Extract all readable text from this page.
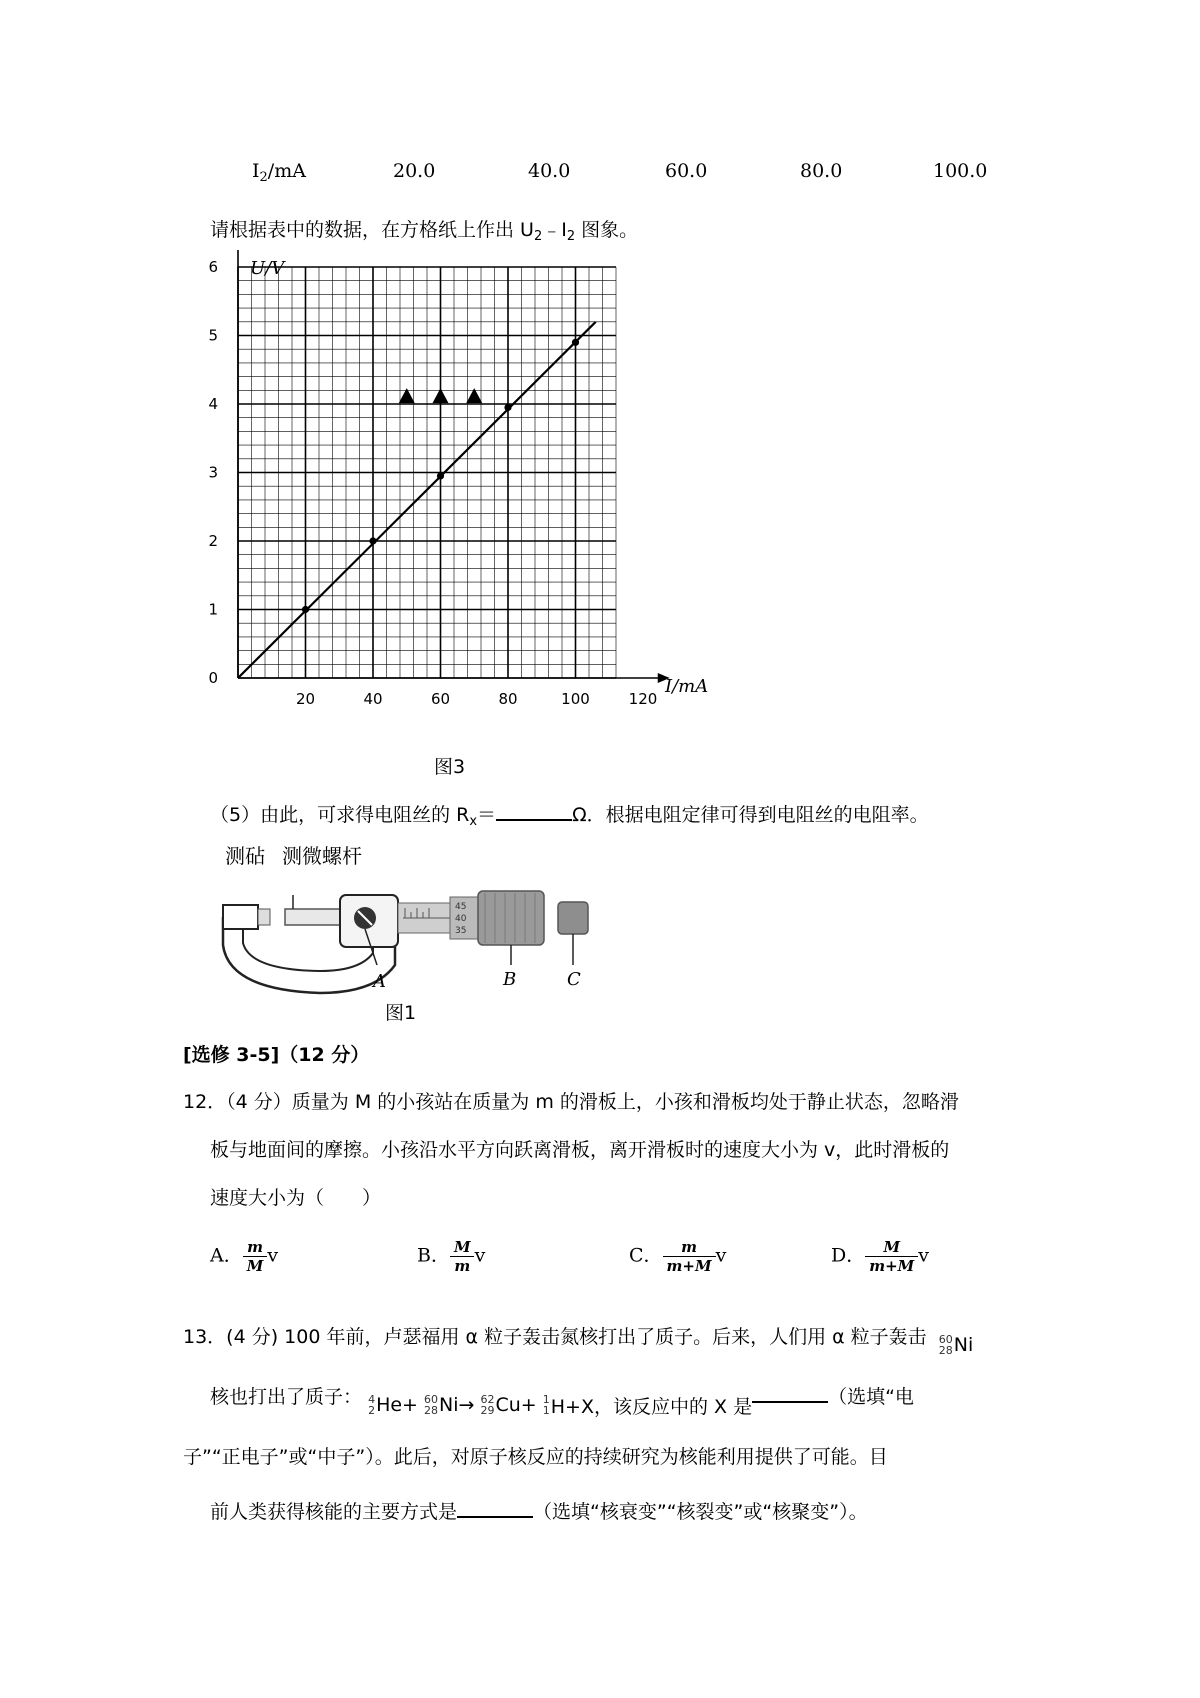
$I_2/mA$	20.0	40.0	60.0	80.0	100.0
请根据表中的数据，在方格纸上作出 $U_2﹣I_2$ 图象。
20	40	60	80	100	120
0
1
2
3
4
5
6
I/mA
U/V
图3
（5）由此，可求得电阻丝的 $R_x=$	Ω．根据电阻定律可得到电阻丝的电阻率。
测砧 测微螺杆
45
40
35
A	B	C
图1
[选修 3-5]（12 分）
12．（4 分）质量为 M 的小孩站在质量为 m 的滑板上，小孩和滑板均处于静止状态，忽略滑
板与地面间的摩擦。小孩沿水平方向跃离滑板，离开滑板时的速度大小为 v，此时滑板的
速度大小为（　　）
A． $\frac{m}{M}$ v	B． $\frac{M}{m}$ v	C． $\frac{m}{m+M}$ v	D． $\frac{M}{m+M}$ v
13．(4 分) 100 年前，卢瑟福用 α 粒子轰击氮核打出了质子。后来，人们用 α 粒子轰击 60
28 Ni
核也打出了质子： 4
2 He+
60
28 Ni→
62
29 Cu+
1
1 H+X，该反应中的 X 是	（选填“电
子”“正电子”或“中子”）。此后，对原子核反应的持续研究为核能利用提供了可能。目
前人类获得核能的主要方式是	（选填“核衰变”“核裂变”或“核聚变”）。
